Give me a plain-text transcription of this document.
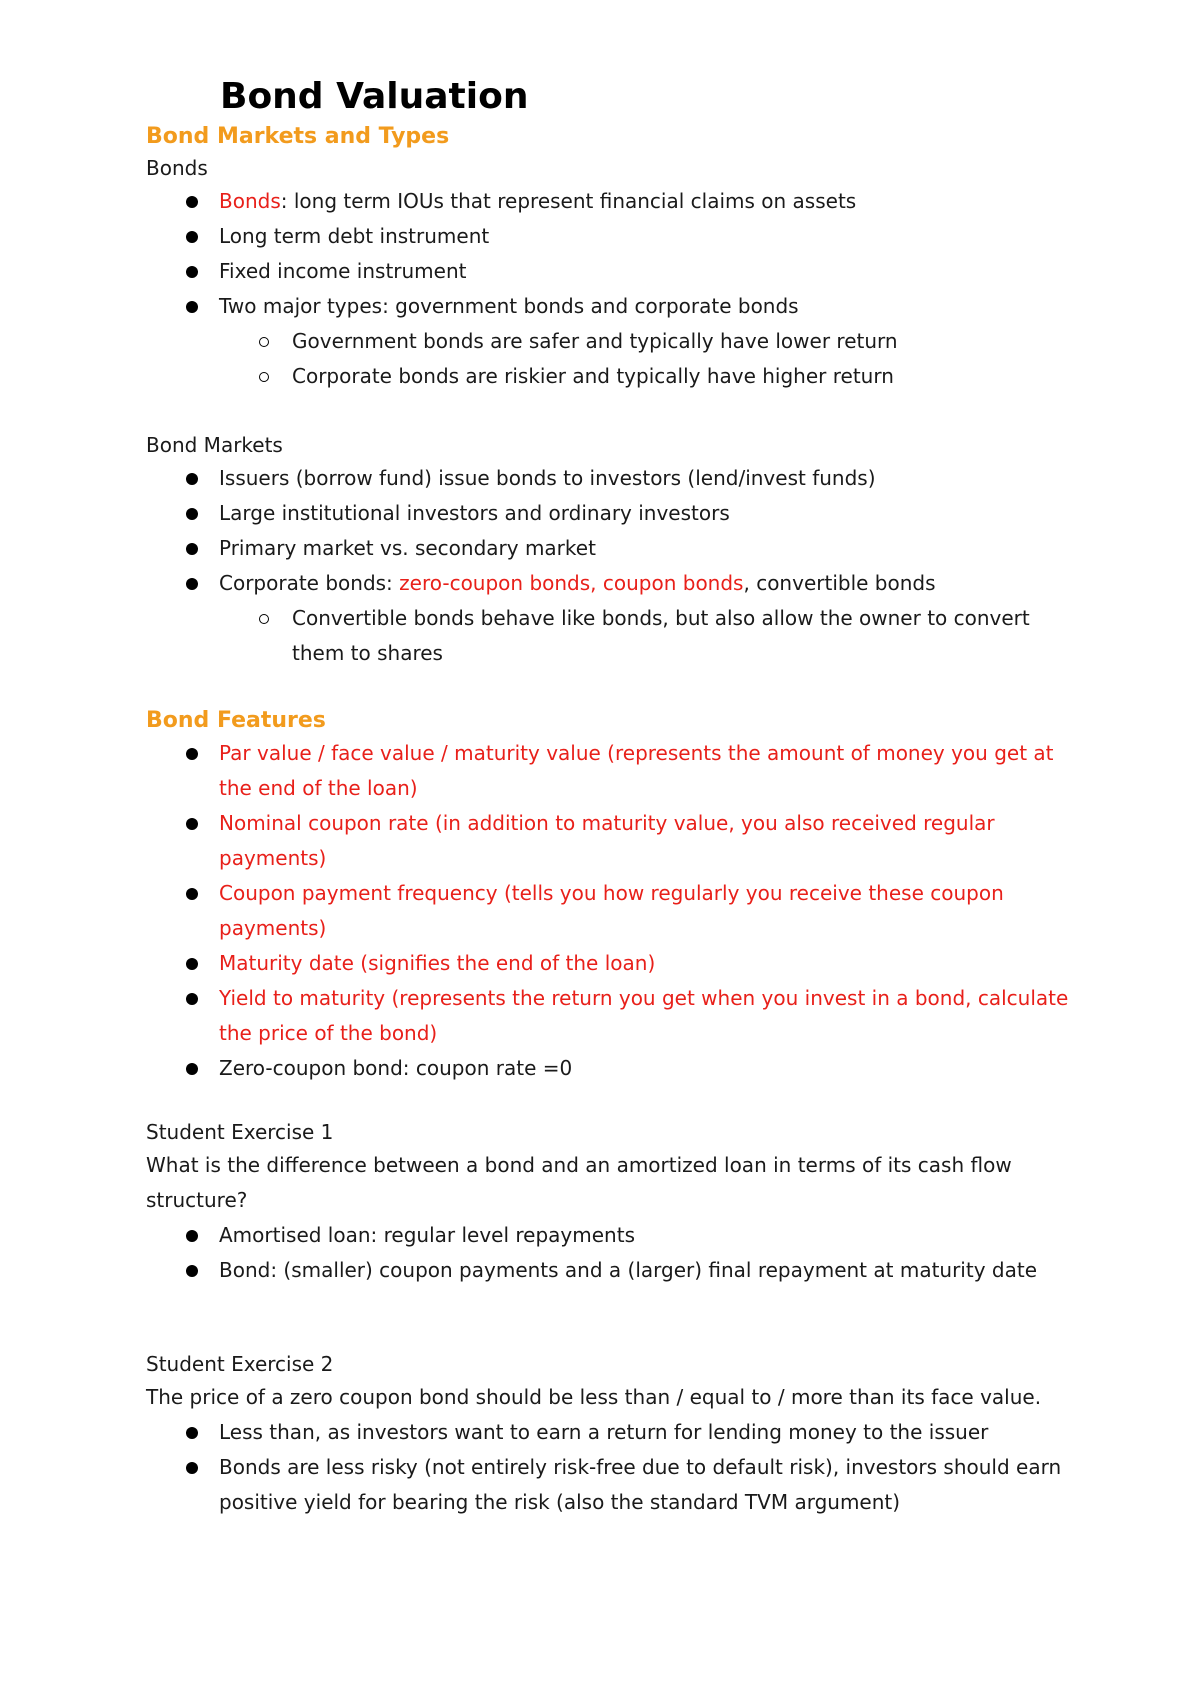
Bond Valuation
Bond Markets and Types

Bonds

Bonds: long term IOUs that represent financial claims on assets
Long term debt instrument
Fixed income instrument
Two major types: government bonds and corporate bonds
Government bonds are safer and typically have lower return
Corporate bonds are riskier and typically have higher return

Bond Markets

Issuers (borrow fund) issue bonds to investors (lend/invest funds)
Large institutional investors and ordinary investors
Primary market vs. secondary market
Corporate bonds: zero-coupon bonds, coupon bonds, convertible bonds
Convertible bonds behave like bonds, but also allow the owner to convert them to shares
Bond Features
Par value / face value / maturity value (represents the amount of money you get at the end of the loan)
Nominal coupon rate (in addition to maturity value, you also received regular payments)
Coupon payment frequency (tells you how regularly you receive these coupon payments)
Maturity date (signifies the end of the loan)
Yield to maturity (represents the return you get when you invest in a bond, calculate the price of the bond)
Zero-coupon bond: coupon rate =0

Student Exercise 1

What is the difference between a bond and an amortized loan in terms of its cash flow structure?

Amortised loan: regular level repayments
Bond: (smaller) coupon payments and a (larger) final repayment at maturity date

Student Exercise 2

The price of a zero coupon bond should be less than / equal to / more than its face value.

Less than, as investors want to earn a return for lending money to the issuer
Bonds are less risky (not entirely risk-free due to default risk), investors should earn positive yield for bearing the risk (also the standard TVM argument)
